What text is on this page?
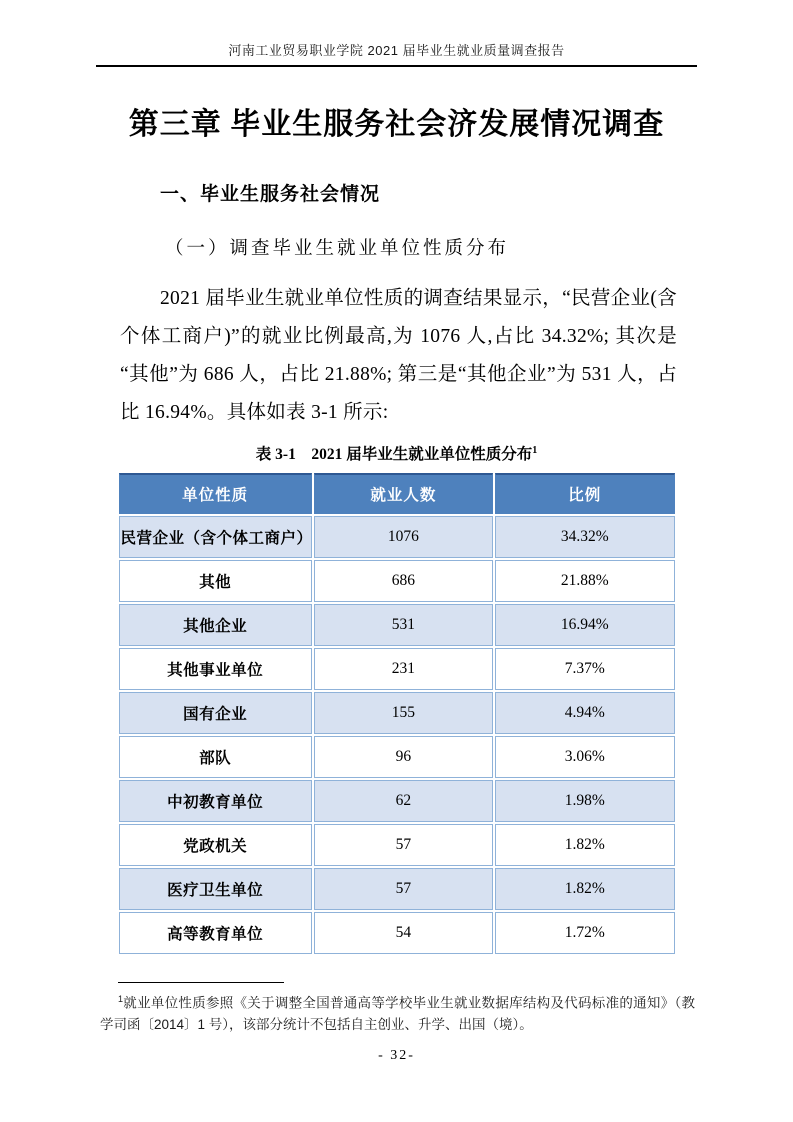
河南工业贸易职业学院 2021 届毕业生就业质量调查报告
第三章 毕业生服务社会济发展情况调查
一、毕业生服务社会情况
（一）调查毕业生就业单位性质分布

2021 届毕业生就业单位性质的调查结果显示，“民营企业(含个体工商户)”的就业比例最高,为 1076 人,占比 34.32%; 其次是“其他”为 686 人，占比 21.88%; 第三是“其他企业”为 531 人，占比 16.94%。具体如表 3-1 所示:

表 3-1　2021 届毕业生就业单位性质分布$^1$
单位性质	就业人数	比例
民营企业（含个体工商户）	1076	34.32%
其他	686	21.88%
其他企业	531	16.94%
其他事业单位	231	7.37%
国有企业	155	4.94%
部队	96	3.06%
中初教育单位	62	1.98%
党政机关	57	1.82%
医疗卫生单位	57	1.82%
高等教育单位	54	1.72%

$^1$就业单位性质参照《关于调整全国普通高等学校毕业生就业数据库结构及代码标准的通知》（教学司函〔2014〕1 号），该部分统计不包括自主创业、升学、出国（境）。

- 32-
